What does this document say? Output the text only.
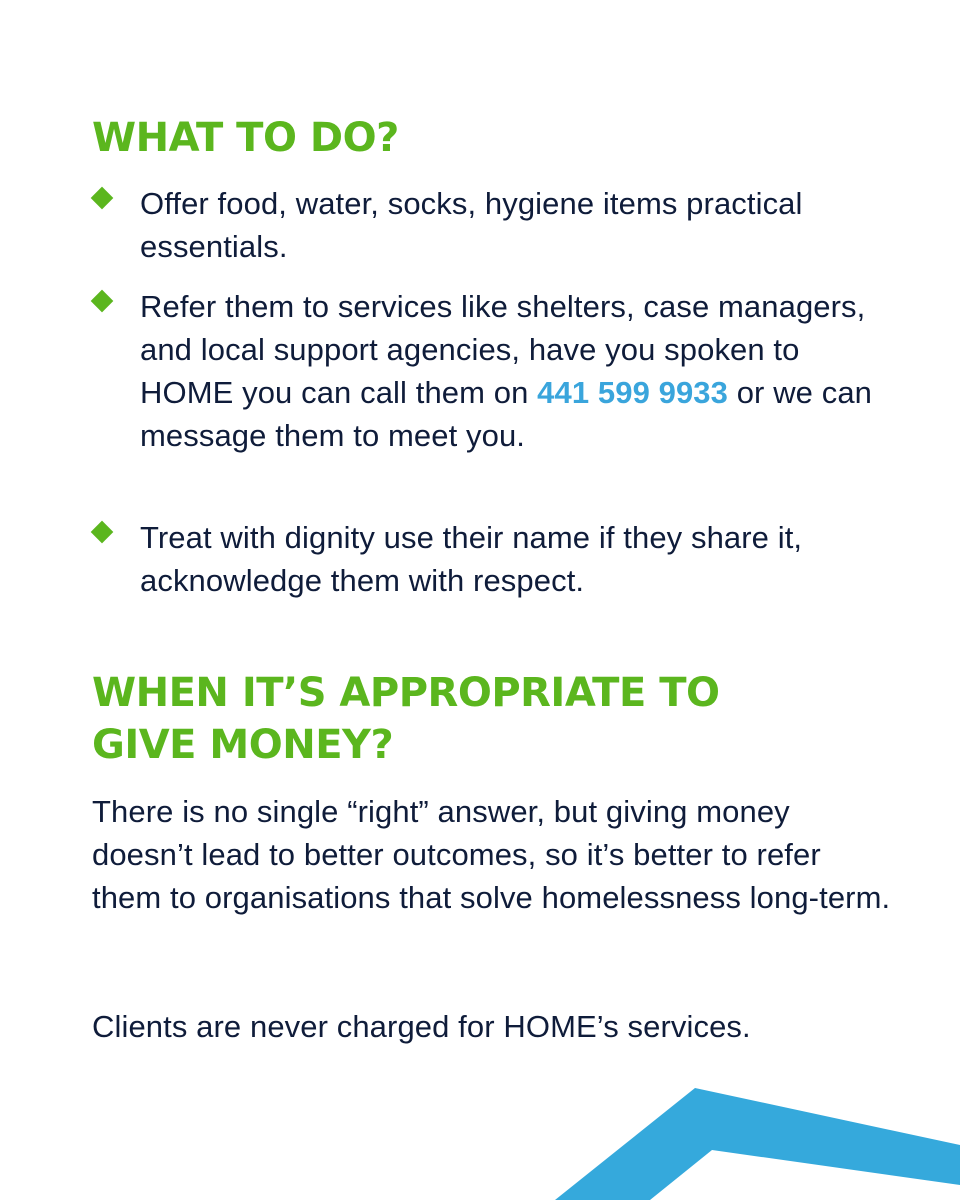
WHAT TO DO?
Offer food, water, socks, hygiene items practical essentials.
Refer them to services like shelters, case managers, and local support agencies, have you spoken to HOME you can call them on 441 599 9933 or we can message them to meet you.
Treat with dignity use their name if they share it, acknowledge them with respect.
WHEN IT’S APPROPRIATE TO GIVE MONEY?

There is no single “right” answer, but giving money doesn’t lead to better outcomes, so it’s better to refer them to organisations that solve homelessness long-term.

Clients are never charged for HOME’s services.
